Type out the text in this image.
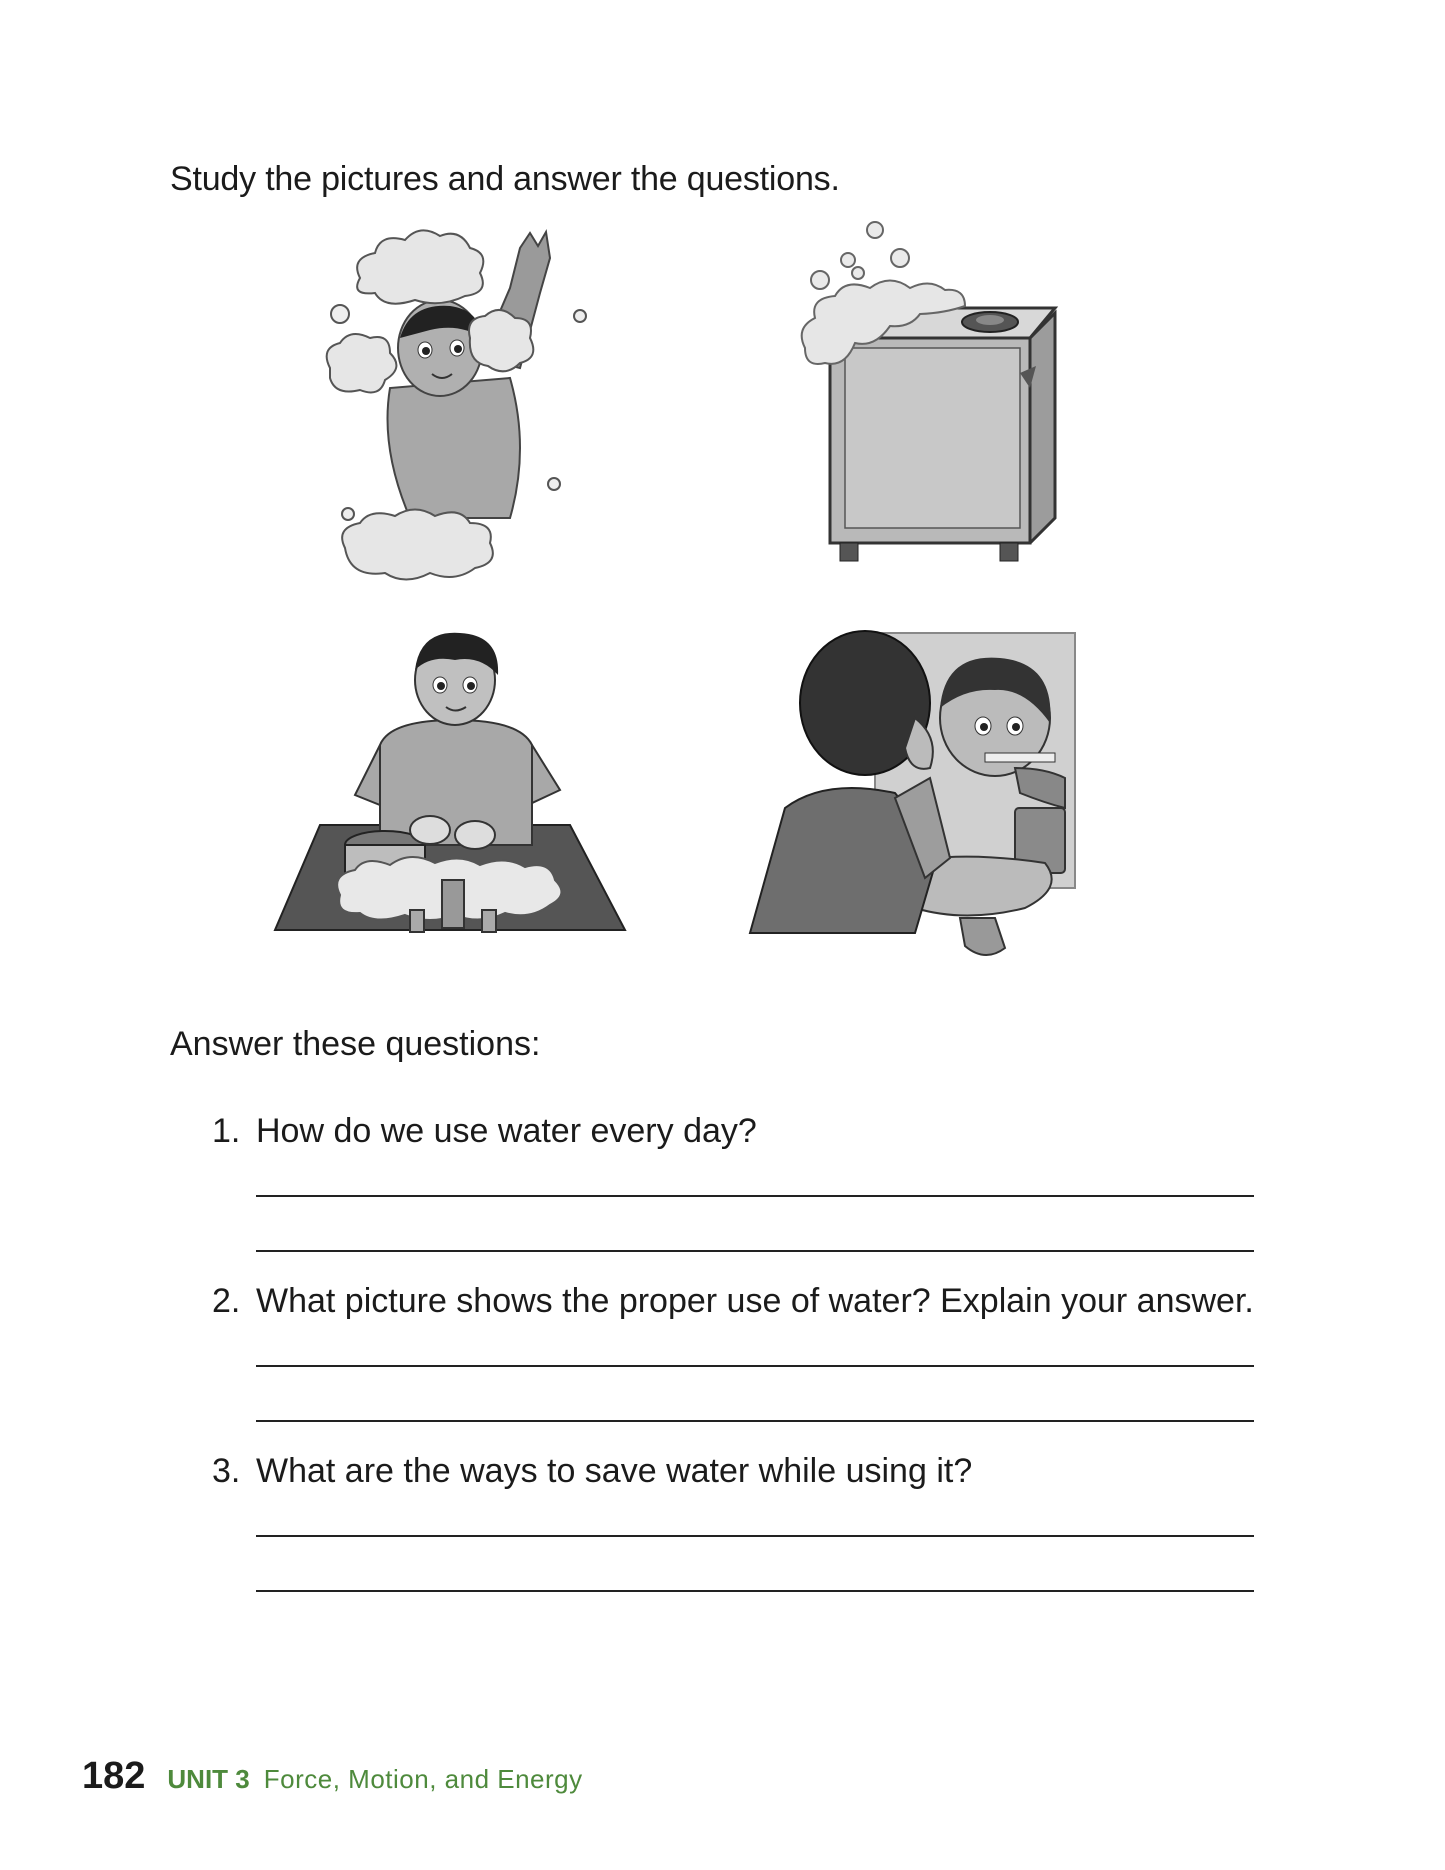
Study the pictures and answer the questions.
Answer these questions:
1. How do we use water every day?
2. What picture shows the proper use of water? Explain your answer.
3. What are the ways to save water while using it?
182 UNIT 3 Force, Motion, and Energy
